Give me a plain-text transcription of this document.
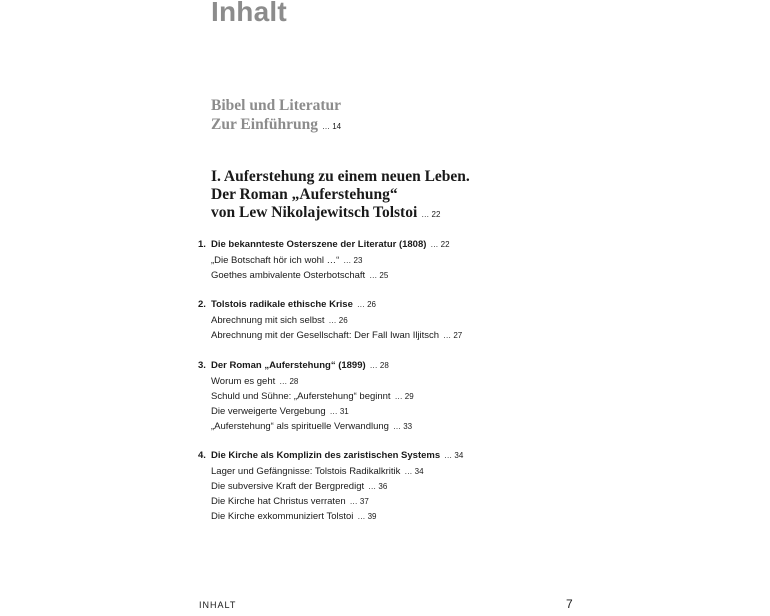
Inhalt
Bibel und Literatur
Zur Einführung … 14
I. Auferstehung zu einem neuen Leben.
Der Roman „Auferstehung“
von Lew Nikolajewitsch Tolstoi … 22
1. Die bekannteste Osterszene der Literatur (1808) … 22
„Die Botschaft hör ich wohl …“ … 23
Goethes ambivalente Osterbotschaft … 25
2. Tolstois radikale ethische Krise … 26
Abrechnung mit sich selbst … 26
Abrechnung mit der Gesellschaft: Der Fall Iwan Iljitsch … 27
3. Der Roman „Auferstehung“ (1899) … 28
Worum es geht … 28
Schuld und Sühne: „Auferstehung“ beginnt … 29
Die verweigerte Vergebung … 31
„Auferstehung“ als spirituelle Verwandlung … 33
4. Die Kirche als Komplizin des zaristischen Systems … 34
Lager und Gefängnisse: Tolstois Radikalkritik … 34
Die subversive Kraft der Bergpredigt … 36
Die Kirche hat Christus verraten … 37
Die Kirche exkommuniziert Tolstoi … 39
INHALT	7
